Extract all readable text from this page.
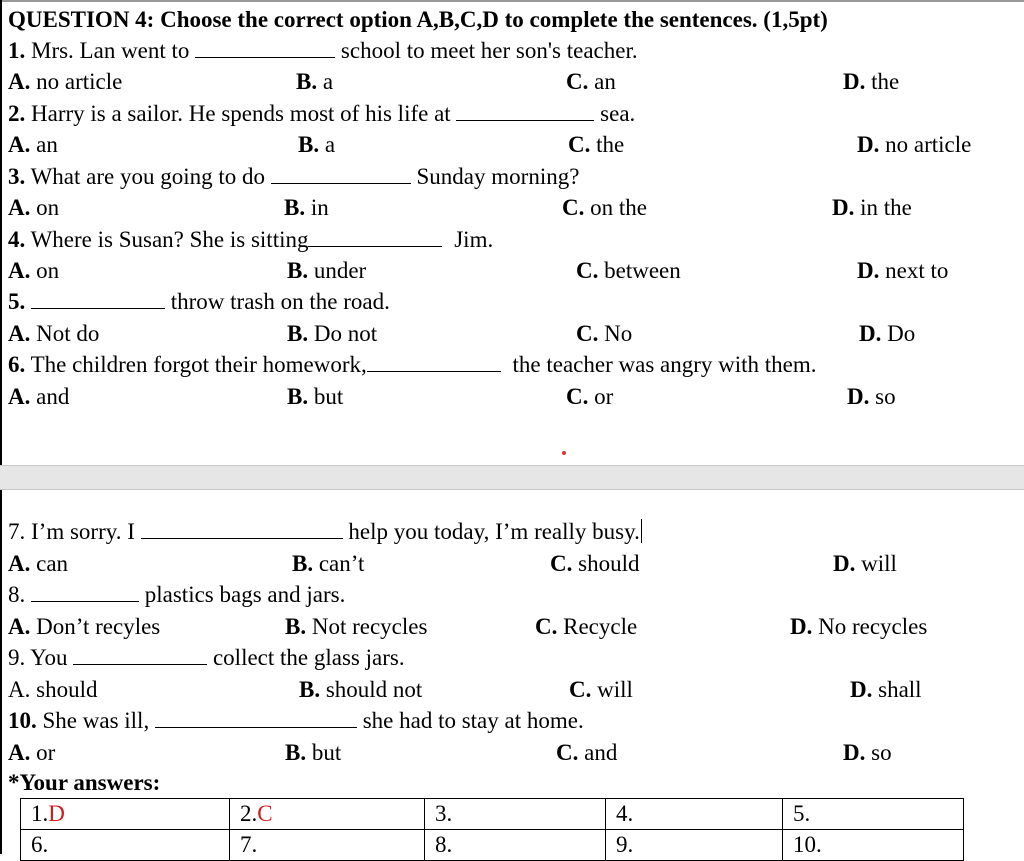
QUESTION 4: Choose the correct option A,B,C,D to complete the sentences. (1,5pt)
1. Mrs. Lan went to	school to meet her son's teacher.
A. no article	B. a	C. an	D. the
2. Harry is a sailor. He spends most of his life at	sea.
A. an	B. a	C. the	D. no article
3. What are you going to do	Sunday morning?
A. on	B. in	C. on the	D. in the
4. Where is Susan? She is sitting	Jim.
A. on	B. under	C. between	D. next to
5.	throw trash on the road.
A. Not do	B. Do not	C. No	D. Do
6. The children forgot their homework,	the teacher was angry with them.
A. and	B. but	C. or	D. so
7. I’m sorry. I	help you today, I’m really busy.
A. can	B. can’t	C. should	D. will
8.	plastics bags and jars.
A. Don’t recyles	B. Not recycles	C. Recycle	D. No recycles
9. You	collect the glass jars.
A. should	B. should not	C. will	D. shall
10. She was ill,	she had to stay at home.
A. or	B. but	C. and	D. so
*Your answers:
1.D	2.C	3.	4.	5.
6.	7.	8.	9.	10.
